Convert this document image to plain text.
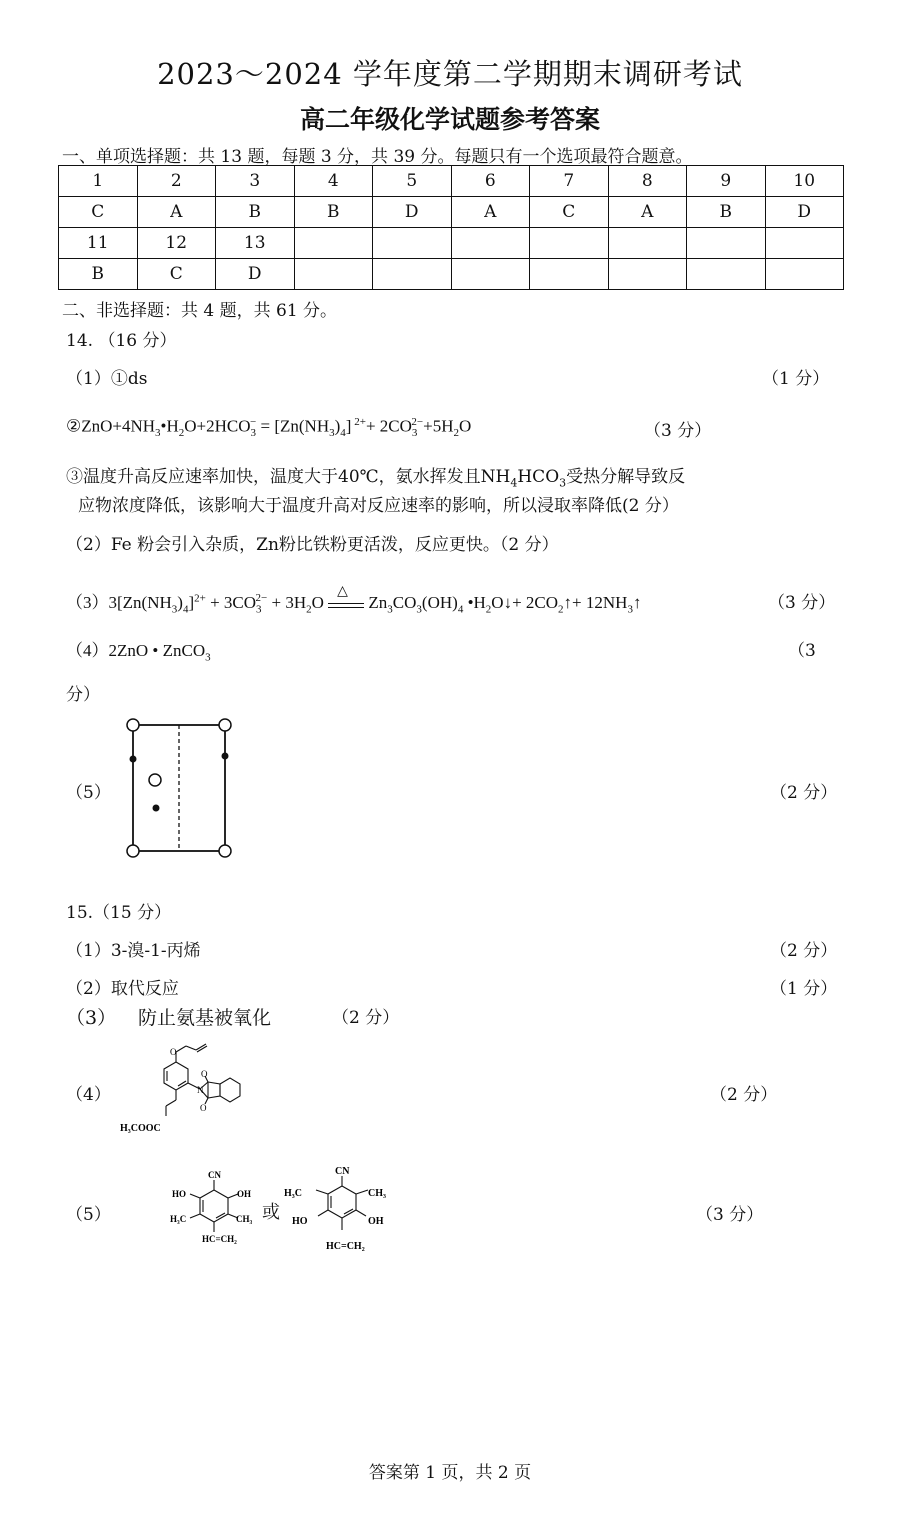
2023～2024 学年度第二学期期末调研考试
高二年级化学试题参考答案
一、单项选择题：共 13 题，每题 3 分，共 39 分。每题只有一个选项最符合题意。
1	2	3	4	5	6	7	8	9	10
C	A	B	B	D	A	C	A	B	D
11	12	13							
B	C	D							
二、非选择题：共 4 题，共 61 分。
14. （16 分）
（1）①ds	（1 分）
$②ZnO+4NH_3•H_2O+2HCO_3^- = [Zn(NH_3)_4]$ $^{2+}+ 2CO_3^{2-}+5H_2O$	（3 分）
③温度升高反应速率加快，温度大于40℃，氨水挥发且$NH_4HCO_3$受热分解导致反
应物浓度降低，该影响大于温度升高对反应速率的影响，所以浸取率降低(2 分）
（2）Fe 粉会引入杂质，Zn粉比铁粉更活泼，反应更快。（2 分）
$(3)3[Zn(NH_3)_4]^{2+} + 3CO_3^{2-} + 3H_2O$
△
$Zn_3CO_3(OH)_4$ $•H_2O↓+$ $2CO_2↑+$ $12NH_3↑$	（3 分）
（4）2ZnO • ZnCO$_3$	（3
分）
（5）	（2 分）
15.（15 分）
（1）3-溴-1-丙烯	（2 分）
（2）取代反应	（1 分）
（3） 防止氨基被氧化	（2 分）
（4）
O
N
O
O
H₃COOC
（2 分）
（5）
CN
HO	OH
H₃C	CH₃
HC=CH₂
或
CN
H₃C	CH₃
HO	OH
HC=CH₂
（3 分）
答案第 1 页，共 2 页
